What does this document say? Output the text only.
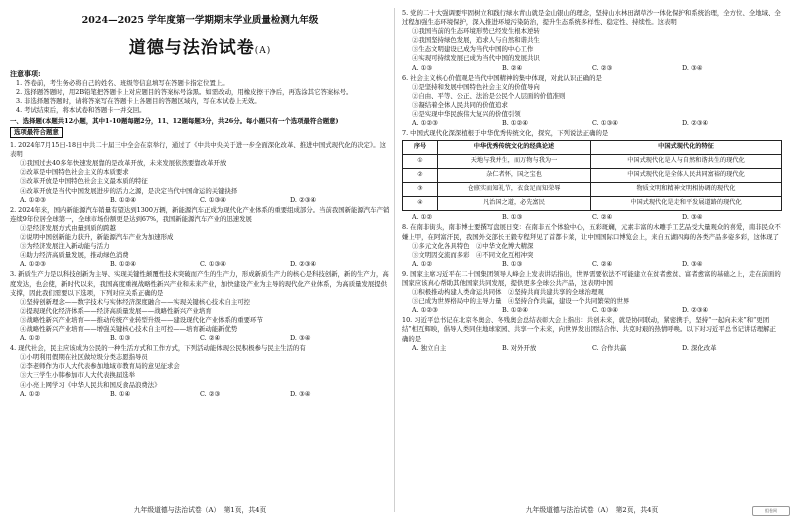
2024—2025 学年度第一学期期末学业质量检测九年级
道德与法治试卷(A)
注意事项:
1. 答卷前，考生务必将自己的姓名、班级等信息填写在答题卡指定位置上。
2. 选择题答题时，用2B铅笔把答题卡上对应题目的答案标号涂黑。如需改动，用橡皮擦干净后，再选涂其它答案标号。
3. 非选择题答题时，请将答案写在答题卡上各题目的答题区域内，写在本试卷上无效。
4. 考试结束后，将本试卷和答题卡一并交回。
一、选择题(本题共12小题，其中1-10题每题2分，11、12题每题3分，共26分。每小题只有一个选项最符合题意)
选项最符合题意
1. 2024年7月15日-18日中共二十届三中全会在京举行，通过了《中共中央关于进一步全面深化改革、推进中国式现代化的决定》。这表明
①我国过去40多年快速发展靠的是改革开放，未来发展依然要靠改革开放
②改革是中国特色社会主义的本质要求
③改革开放是中国特色社会主义最本质的特征
④改革开放是当代中国发展进步的活力之源，是决定当代中国命运的关键抉择
A. ①②③	B. ①②④	C. ①③④	D. ②③④
2. 2024年来，国内新能源汽车销量有望达到1300万辆，新能源汽车正成为现代化产业体系的重要组成部分。当前我国新能源汽车产销连续9年位居全球第一，全球市场份额更是达到67%，我国新能源汽车产业的迅速发展
①是经济发展方式由量到质的跨越
②说明中国创新能力获升，新能源汽车产业为加速形成
③为经济发展注入新动能与活力
④助力经济高质量发展，推动绿色消费
A. ①②③	B. ①②④	C. ①③④	D. ②③④
3. 新质生产力是以科技创新为主导、实现关键性颠覆性技术突破而产生的生产力，形成新质生产力的核心是科技创新，新的生产力，高度发达，也会使，新时代以来，我国高度重视战略性新兴产业和未来产业，加快建设产业为主导的现代化产业体系，为高质量发展提供支撑，因此我们需要以下选项，下列对应关系正确的是
①坚持创新理念——数字技术与实体经济深度融合——实现关键核心技术自主可控
②提现现代化经济体系——经济高质量发展——战略性新兴产业培育
③战略性新兴产业培育——推动传统产业转型升级——建设现代化产业体系的重要环节
④战略性新兴产业培育——增强关键核心技术自主可控——培育新动能新优势
A. ①②	B. ①③	C. ②④	D. ③④
4. 现代社会，民主应该成为公民的一种生活方式和工作方式，下列活动能体现公民积极参与民主生活的有
①小明利用假期在社区做垃圾分类志愿指导员
②李老师作为市人大代表参加地域市教育局的意见征求会
③大三学生小韩参加市人大代表换届选举
④小亮上网学习《中华人民共和国反食品浪费法》
A. ①②	B. ①④	C. ②③	D. ③④
5. 党的二十大强调要牢固树立和践行绿水青山就是金山银山的理念，坚持山水林田湖草沙一体化保护和系统治理，全方位、全地域、全过程加强生态环境保护，深入推进环境污染防治，提升生态系统多样性、稳定性、持续性。这表明
①我国当前的生态环境形势已经发生根本逆转
②我国坚持绿色发展，追求人与自然和谐共生
③生态文明建设已成为当代中国的中心工作
④实现可持续发展已成为当代中国的发展共识
A. ①③	B. ②④	C. ②③	D. ③④
6. 社会主义核心价值观是当代中国精神的集中体现，对此认识正确的是
①是坚持和发展中国特色社会主义的价值导向
②自由、平等、公正、法治是公民个人层面的价值准则
③凝结着全体人民共同的价值追求
④是实现中华民族伟大复兴的价值引领
A. ①②③	B. ①②④	C. ①③④	D. ②③④
7. 中国式现代化深深植根于中华优秀传统文化，探究，下列说法正确的是
序号	中华优秀传统文化的经典论述	中国式现代化的特征
①	天地与我并生，而万物与我为一	中国式现代化是人与自然和谐共生的现代化
②	杂仁者怀，国之宝也	中国式现代化是全体人民共同富裕的现代化
③	仓廪实而知礼节，衣食足而知荣辱	物质文明和精神文明相协调的现代化
④	凡治国之道，必先富民	中国式现代化是走和平发展道路的现代化
A. ①②	B. ①③	C. ②④	D. ③④
8. 在南非街头，南非博士要撰写盘展日变：在南非五个体验中心，五彩斑斓，元素丰富的木雕手工艺品受大量观众的喜爱，南非民众不嫌上甲，在阿富汗民，我国外交部长王毅专程拜见了首都卡莱，让中国国际口博览会上，来自五湖四海的各类产品多姿多彩，这体现了
①多元文化各具特色　②中华文化博大精深
③文明因交流而多彩　④不同文化互相冲突
A. ①②	B. ①③	C. ②④	D. ③④
9. 国家主席习近平在二十国集团领导人峰会上发表讲话指出，世界需要依法不可能建立在贫者愈贫、富者愈富的基础之上，走在前面的国家应该真心帮助其他国家共同发展，提供更多全球公共产品，这表明中国
①积极推动构建人类命运共同体　②坚持共商共建共享的全球治理观
③已成为世界格局中的主导力量　④坚持合作共赢，建设一个共同繁荣的世界
A. ①②③	B. ①②④	C. ①③④	D. ②③④
10. 习近平总书记在北京冬奥会、冬残奥会总结表彰大会上指出：共创未来，就是协同联动，紧密携手，坚持“一起向未来”和“更团结”相互辉映，倡导人类同住地球家园、共享一个未来，向世界发出团结合作、共克时艰的热情呼唤。以下对习近平总书记讲话理解正确的是
A. 独立自主	B. 对外开放	C. 合作共赢	D. 深化改革
九年级道德与法治试卷（A）　第1页，共4页	九年级道德与法治试卷（A）　第2页，共4页	组卷网
